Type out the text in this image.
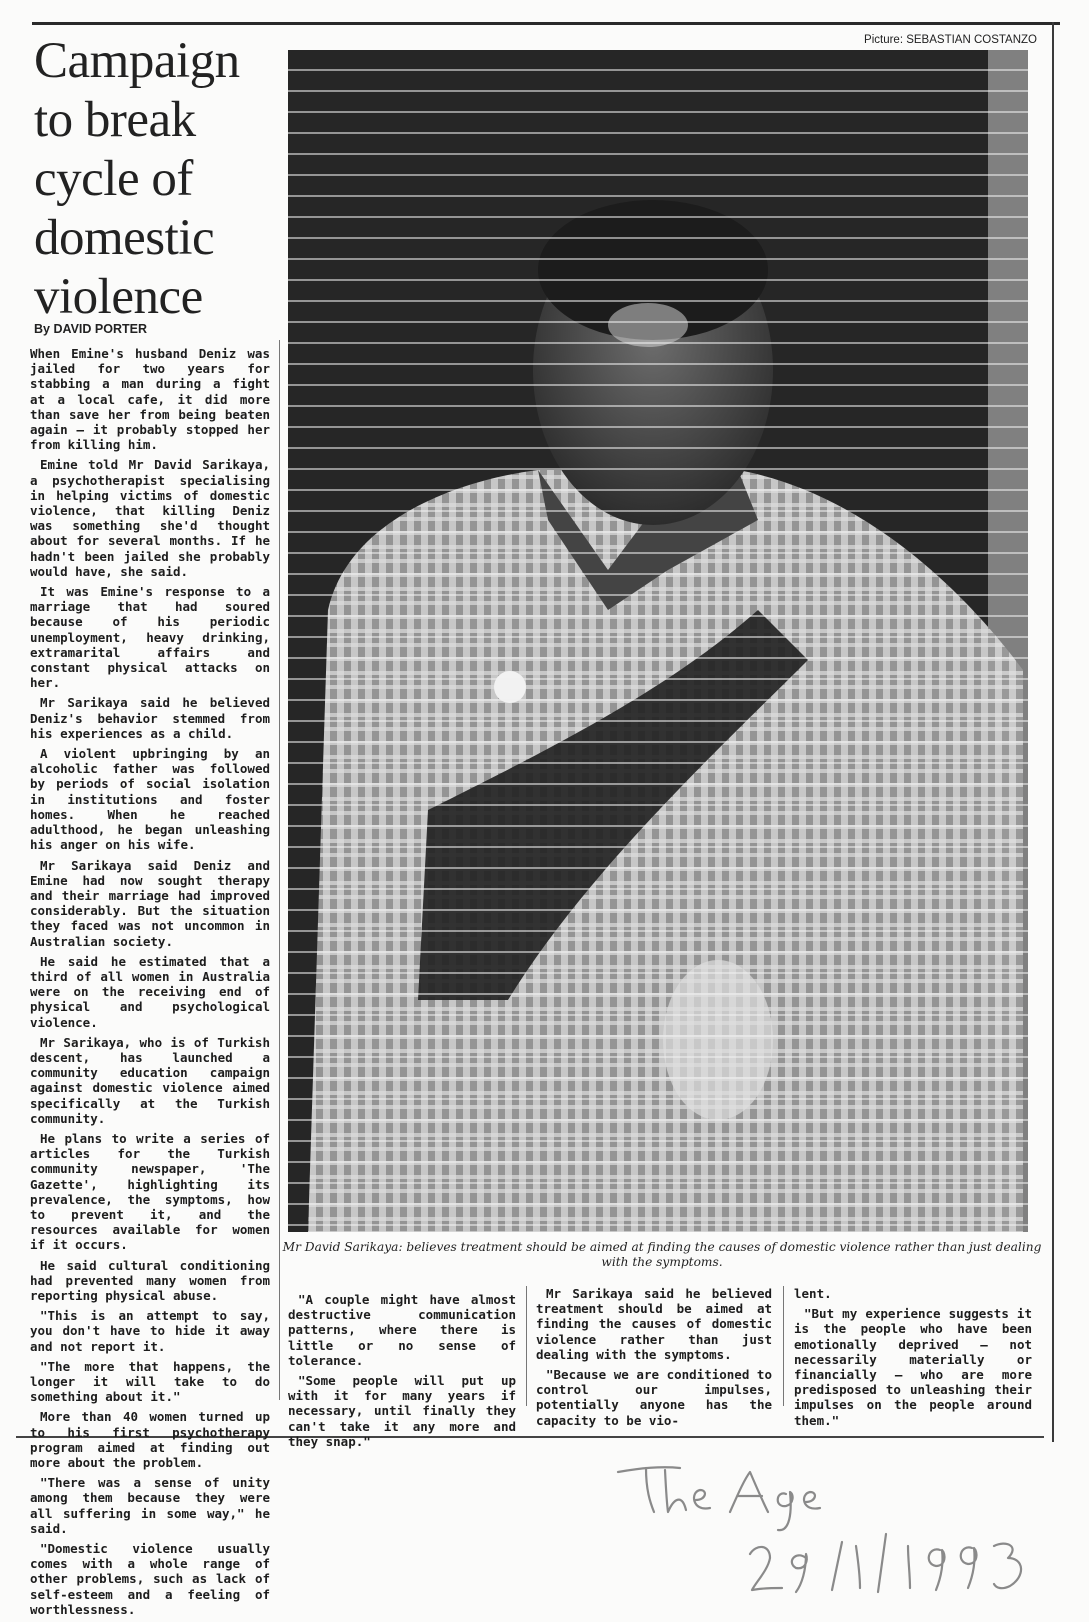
Campaign to break cycle of domestic violence
By DAVID PORTER
Picture: SEBASTIAN COSTANZO

When Emine's husband Deniz was jailed for two years for stabbing a man during a fight at a local cafe, it did more than save her from being beaten again — it probably stopped her from killing him.

Emine told Mr David Sarikaya, a psychotherapist specialising in helping victims of domestic violence, that killing Deniz was something she'd thought about for several months. If he hadn't been jailed she probably would have, she said.

It was Emine's response to a marriage that had soured because of his periodic unemployment, heavy drinking, extramarital affairs and constant physical attacks on her.

Mr Sarikaya said he believed Deniz's behavior stemmed from his experiences as a child.

A violent upbringing by an alcoholic father was followed by periods of social isolation in institutions and foster homes. When he reached adulthood, he began unleashing his anger on his wife.

Mr Sarikaya said Deniz and Emine had now sought therapy and their marriage had improved considerably. But the situation they faced was not uncommon in Australian society.

He said he estimated that a third of all women in Australia were on the receiving end of physical and psychological violence.

Mr Sarikaya, who is of Turkish descent, has launched a community education campaign against domestic violence aimed specifically at the Turkish community.

He plans to write a series of articles for the Turkish community newspaper, 'The Gazette', highlighting its prevalence, the symptoms, how to prevent it, and the resources available for women if it occurs.

He said cultural conditioning had prevented many women from reporting physical abuse.

"This is an attempt to say, you don't have to hide it away and not report it.

"The more that happens, the longer it will take to do something about it."

More than 40 women turned up to his first psychotherapy program aimed at finding out more about the problem.

"There was a sense of unity among them because they were all suffering in some way," he said.

"Domestic violence usually comes with a whole range of other problems, such as lack of self-esteem and a feeling of worthlessness.

Mr David Sarikaya: believes treatment should be aimed at finding the causes of domestic violence rather than just dealing with the symptoms.

"A couple might have almost destructive communication patterns, where there is little or no sense of tolerance.

"Some people will put up with it for many years if necessary, until finally they can't take it any more and they snap."

Mr Sarikaya said he believed treatment should be aimed at finding the causes of domestic violence rather than just dealing with the symptoms.

"Because we are conditioned to control our impulses, potentially anyone has the capacity to be vio-

lent.

"But my experience suggests it is the people who have been emotionally deprived — not necessarily materially or financially — who are more predisposed to unleashing their impulses on the people around them."
